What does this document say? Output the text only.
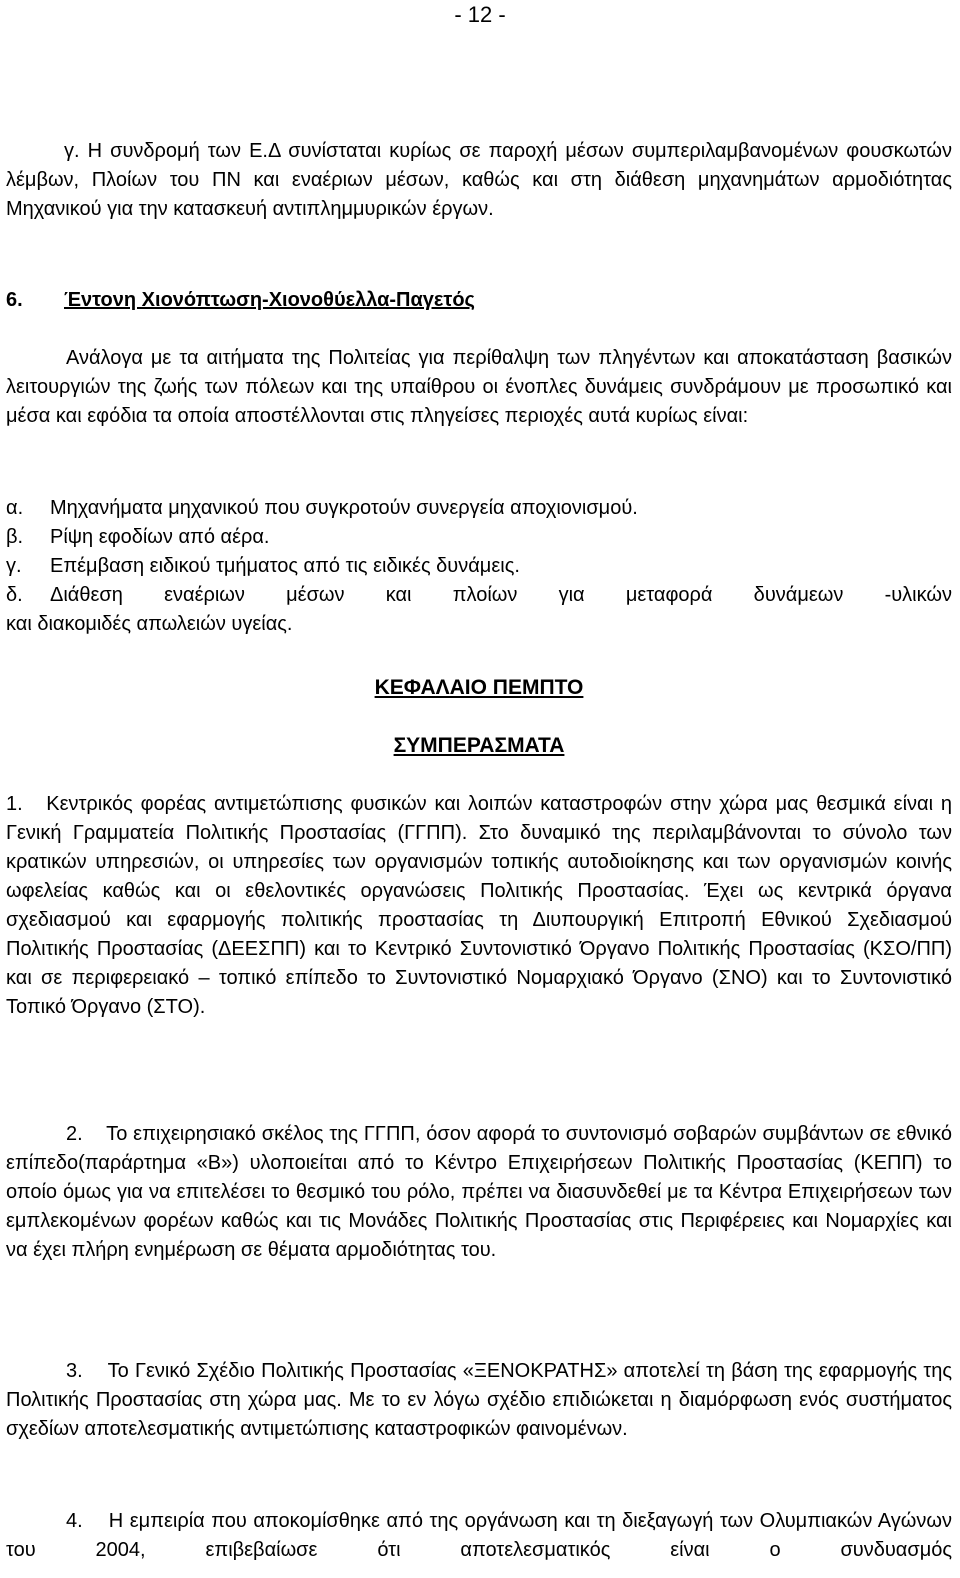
- 12 -

γ. Η συνδρομή των Ε.Δ συνίσταται κυρίως σε παροχή μέσων συμπεριλαμβανομένων φουσκωτών λέμβων, Πλοίων του ΠΝ και εναέριων μέσων, καθώς και στη διάθεση μηχανημάτων αρμοδιότητας Μηχανικού για την κατασκευή αντιπλημμυρικών έργων.

6. Έντονη Χιονόπτωση-Χιονοθύελλα-Παγετός

Ανάλογα με τα αιτήματα της Πολιτείας για περίθαλψη των πληγέντων και αποκατάσταση βασικών λειτουργιών της ζωής των πόλεων και της υπαίθρου οι ένοπλες δυνάμεις συνδράμουν με προσωπικό και μέσα και εφόδια τα οποία αποστέλλονται στις πληγείσες περιοχές αυτά κυρίως είναι:

α.	Μηχανήματα μηχανικού που συγκροτούν συνεργεία αποχιονισμού.
β.	Ρίψη εφοδίων από αέρα.
γ.	Επέμβαση ειδικού τμήματος από τις ειδικές δυνάμεις.
δ.	Διάθεση εναέριων μέσων και πλοίων για μεταφορά δυνάμεων -υλικών

και διακομιδές απωλειών υγείας.

ΚΕΦΑΛΑΙΟ ΠΕΜΠΤΟ

ΣΥΜΠΕΡΑΣΜΑΤΑ

1. Κεντρικός φορέας αντιμετώπισης φυσικών και λοιπών καταστροφών στην χώρα μας θεσμικά είναι η Γενική Γραμματεία Πολιτικής Προστασίας (ΓΓΠΠ). Στο δυναμικό της περιλαμβάνονται το σύνολο των κρατικών υπηρεσιών, οι υπηρεσίες των οργανισμών τοπικής αυτοδιοίκησης και των οργανισμών κοινής ωφελείας καθώς και οι εθελοντικές οργανώσεις Πολιτικής Προστασίας. Έχει ως κεντρικά όργανα σχεδιασμού και εφαρμογής πολιτικής προστασίας τη Διυπουργική Επιτροπή Εθνικού Σχεδιασμού Πολιτικής Προστασίας (ΔΕΕΣΠΠ) και το Κεντρικό Συντονιστικό Όργανο Πολιτικής Προστασίας (ΚΣΟ/ΠΠ) και σε περιφερειακό – τοπικό επίπεδο το Συντονιστικό Νομαρχιακό Όργανο (ΣΝΟ) και το Συντονιστικό Τοπικό Όργανο (ΣΤΟ).

2. Το επιχειρησιακό σκέλος της ΓΓΠΠ, όσον αφορά το συντονισμό σοβαρών συμβάντων σε εθνικό επίπεδο(παράρτημα «Β») υλοποιείται από το Κέντρο Επιχειρήσεων Πολιτικής Προστασίας (ΚΕΠΠ) το οποίο όμως για να επιτελέσει το θεσμικό του ρόλο, πρέπει να διασυνδεθεί με τα Κέντρα Επιχειρήσεων των εμπλεκομένων φορέων καθώς και τις Μονάδες Πολιτικής Προστασίας στις Περιφέρειες και Νομαρχίες και να έχει πλήρη ενημέρωση σε θέματα αρμοδιότητας του.

3. Το Γενικό Σχέδιο Πολιτικής Προστασίας «ΞΕΝΟΚΡΑΤΗΣ» αποτελεί τη βάση της εφαρμογής της Πολιτικής Προστασίας στη χώρα μας. Με το εν λόγω σχέδιο επιδιώκεται η διαμόρφωση ενός συστήματος σχεδίων αποτελεσματικής αντιμετώπισης καταστροφικών φαινομένων.

4. Η εμπειρία που αποκομίσθηκε από της οργάνωση και τη διεξαγωγή των Ολυμπιακών Αγώνων του 2004, επιβεβαίωσε ότι αποτελεσματικός είναι ο συνδυασμός
